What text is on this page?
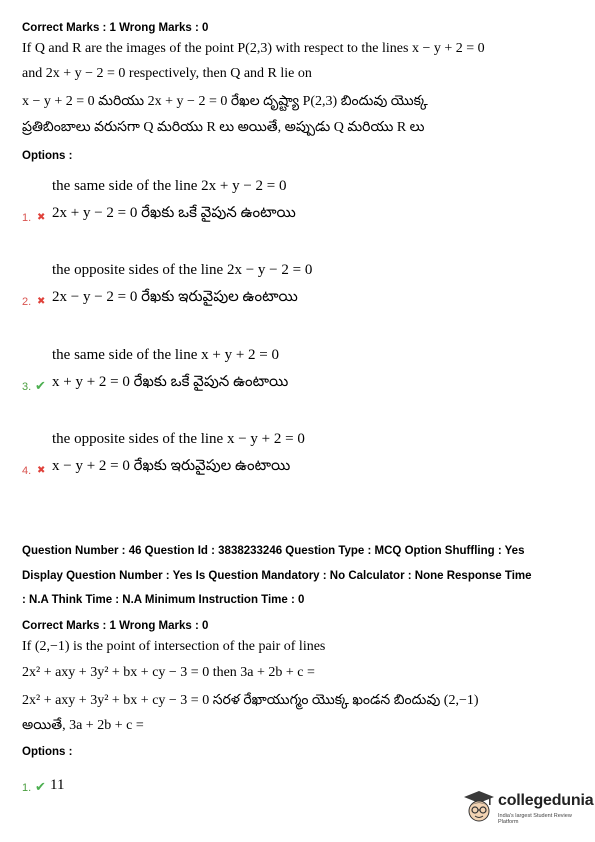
Correct Marks : 1 Wrong Marks : 0
If Q and R are the images of the point P(2,3) with respect to the lines x − y + 2 = 0
and 2x + y − 2 = 0 respectively, then Q and R lie on
x − y + 2 = 0 మరియు 2x + y − 2 = 0 రేఖల దృష్ట్యా P(2,3) బిందువు యొక్క
ప్రతిబింబాలు వరుసగా Q మరియు R లు అయితే, అప్పుడు Q మరియు R లు
Options :
the same side of the line 2x + y − 2 = 0
1. ✖ 2x + y − 2 = 0 రేఖకు ఒకే వైపున ఉంటాయి
the opposite sides of the line 2x − y − 2 = 0
2. ✖ 2x − y − 2 = 0 రేఖకు ఇరువైపుల ఉంటాయి
the same side of the line x + y + 2 = 0
3. ✔ x + y + 2 = 0 రేఖకు ఒకే వైపున ఉంటాయి
the opposite sides of the line x − y + 2 = 0
4. ✖ x − y + 2 = 0 రేఖకు ఇరువైపుల ఉంటాయి
Question Number : 46 Question Id : 3838233246 Question Type : MCQ Option Shuffling : Yes
Display Question Number : Yes Is Question Mandatory : No Calculator : None Response Time
: N.A Think Time : N.A Minimum Instruction Time : 0
Correct Marks : 1 Wrong Marks : 0
If (2,−1) is the point of intersection of the pair of lines
2x² + axy + 3y² + bx + cy − 3 = 0 then 3a + 2b + c =
2x² + axy + 3y² + bx + cy − 3 = 0 సరళ రేఖాయుగ్మం యొక్క ఖండన బిందువు (2,−1)
అయితే, 3a + 2b + c =
Options :
1. ✔ 11
collegedunia
India's largest Student Review Platform
